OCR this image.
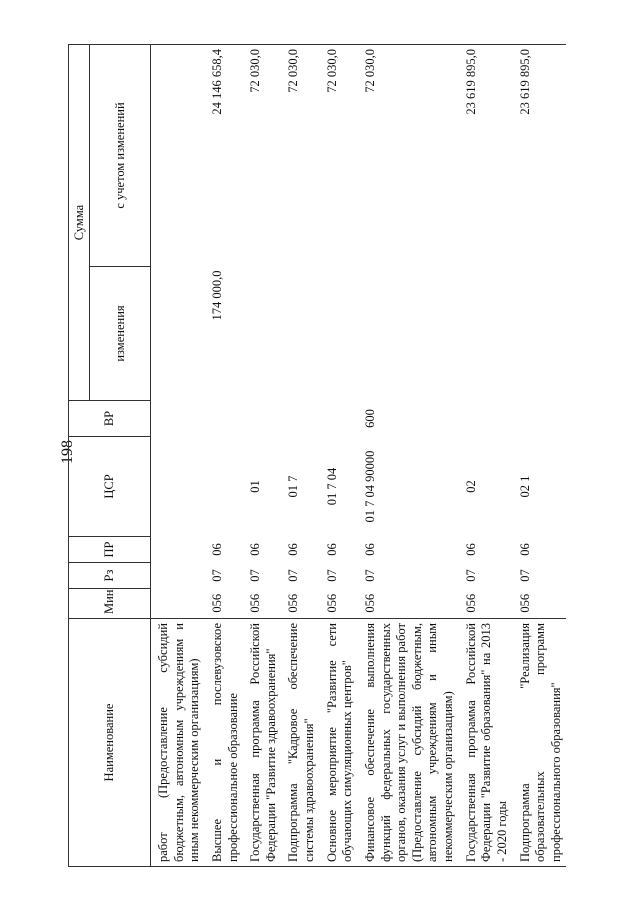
198
Наименование	Мин	Рз	ПР	ЦСР	ВР	Сумма	
						изменения	с учетом изменений
работ (Предоставление субсидий бюджетным, автономным учреждениям и иным некоммерческим организациям)							
Высшее и послевузовское профессиональное образование	056	07	06			174 000,0	24 146 658,4
Государственная программа Российской Федерации "Развитие здравоохранения"	056	07	06	01			72 030,0
Подпрограмма "Кадровое обеспечение системы здравоохранения"	056	07	06	01 7			72 030,0
Основное мероприятие "Развитие сети обучающих симуляционных центров"	056	07	06	01 7 04			72 030,0
Финансовое обеспечение выполнения функций федеральных государственных органов, оказания услуг и выполнения работ (Предоставление субсидий бюджетным, автономным учреждениям и иным некоммерческим организациям)	056	07	06	01 7 04 90000	600		72 030,0
Государственная программа Российской Федерации "Развитие образования" на 2013 - 2020 годы	056	07	06	02			23 619 895,0
Подпрограмма "Реализация образовательных программ профессионального образования"	056	07	06	02 1			23 619 895,0
